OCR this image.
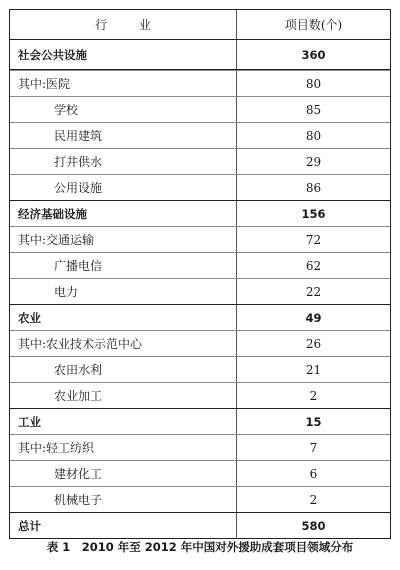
行 业	项目数(个)
社会公共设施	360
其中:医院	80
学校	85
民用建筑	80
打井供水	29
公用设施	86
经济基础设施	156
其中:交通运输	72
广播电信	62
电力	22
农业	49
其中:农业技术示范中心	26
农田水利	21
农业加工	2
工业	15
其中:轻工纺织	7
建材化工	6
机械电子	2
总计	580
表 1　2010 年至 2012 年中国对外援助成套项目领域分布
